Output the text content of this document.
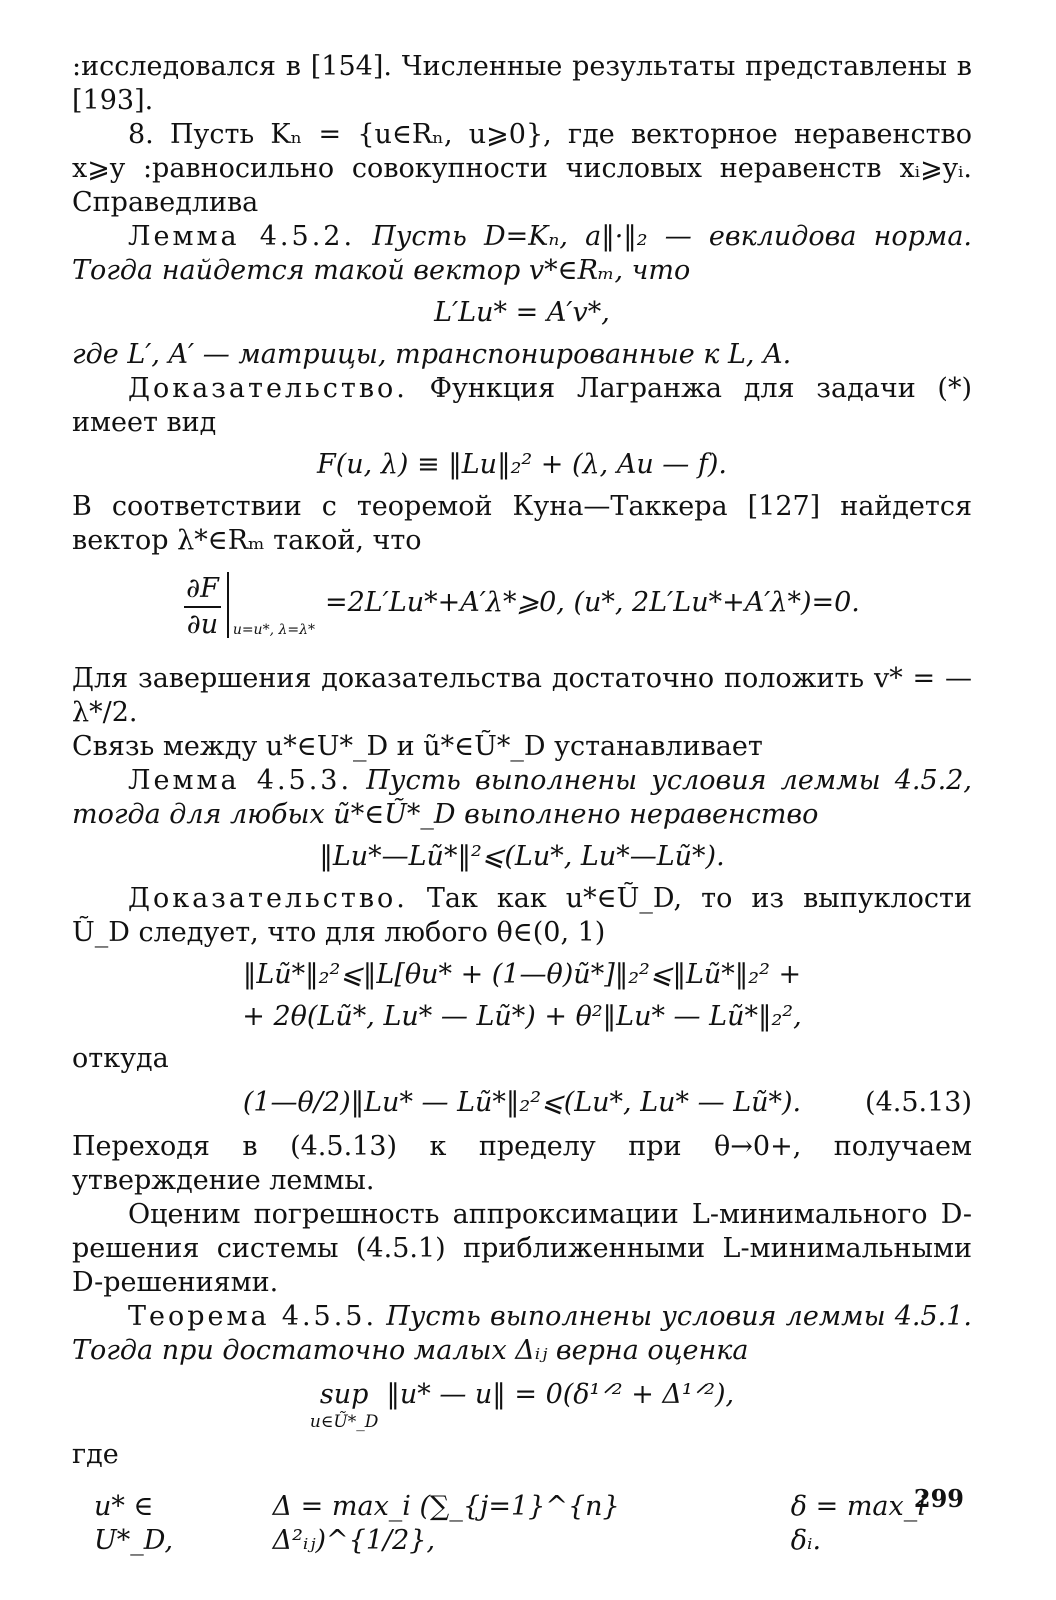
:исследовался в [154]. Численные результаты представлены в [193].

8. Пусть Kₙ = {u∈Rₙ, u⩾0}, где векторное неравенство x⩾y :равносильно совокупности числовых неравенств xᵢ⩾yᵢ. Справедлива

Лемма 4.5.2. Пусть D=Kₙ, a‖·‖₂ — евклидова норма. Тогда найдется такой вектор v*∈Rₘ, что

L′Lu* = A′v*,

где L′, A′ — матрицы, транспонированные к L, A.

Доказательство. Функция Лагранжа для задачи (*) имеет вид

F(u, λ) ≡ ‖Lu‖₂² + (λ, Au — f).

В соответствии с теоремой Куна—Таккера [127] найдется вектор λ*∈Rₘ такой, что

$\frac{\partial F}{\partial u} u=u*$, λ=λ*
=2L′Lu*+A′λ*⩾0, (u*, 2L′Lu*+A′λ*)=0.

Для завершения доказательства достаточно положить v* = —λ*/2.

Связь между u*∈U*_D и ũ*∈Ũ*_D устанавливает

Лемма 4.5.3. Пусть выполнены условия леммы 4.5.2, тогда для любых ũ*∈Ũ*_D выполнено неравенство

‖Lu*—Lũ*‖²⩽(Lu*, Lu*—Lũ*).

Доказательство. Так как u*∈Ũ_D, то из выпуклости Ũ_D следует, что для любого θ∈(0, 1)

‖Lũ*‖₂²⩽‖L[θu* + (1—θ)ũ*]‖₂²⩽‖Lũ*‖₂² +
+ 2θ(Lũ*, Lu* — Lũ*) + θ²‖Lu* — Lũ*‖₂²,

откуда

(1—θ/2)‖Lu* — Lũ*‖₂²⩽(Lu*, Lu* — Lũ*). (4.5.13)

Переходя в (4.5.13) к пределу при θ→0+, получаем утверждение леммы.

Оценим погрешность аппроксимации L-минимального D-решения системы (4.5.1) приближенными L-минимальными D-решениями.

Теорема 4.5.5. Пусть выполнены условия леммы 4.5.1. Тогда при достаточно малых Δᵢⱼ верна оценка

sup
u∈Ũ*_D
‖u* — u‖ = 0(δ¹ᐟ² + Δ¹ᐟ²),

где

u* ∈ U*_D,
Δ = max_i (∑_{j=1}^{n} Δ²ᵢⱼ)^{1/2},
δ = max_i δᵢ.
299
